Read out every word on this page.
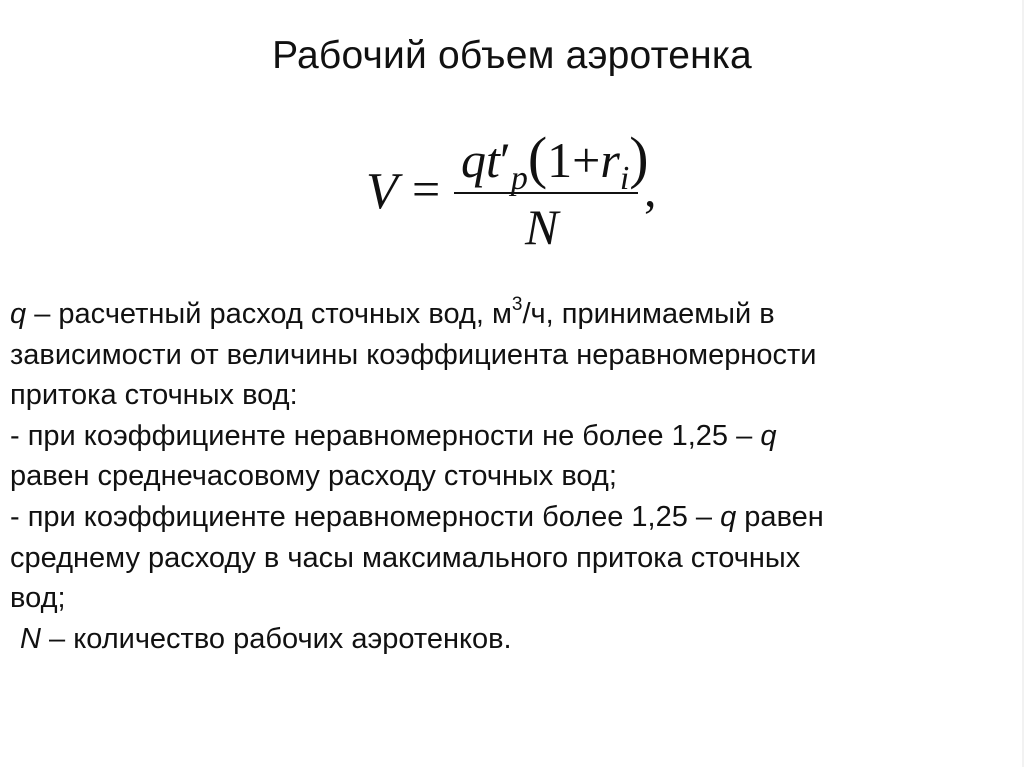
Рабочий объем аэротенка
V =
$qt'_p(1+r_i)$
N
,

q – расчетный расход сточных вод, $м^3/ч$, принимаемый в

зависимости от величины коэффициента неравномерности

притока сточных вод:

- при коэффициенте неравномерности не более 1,25 – q

равен среднечасовому расходу сточных вод;

- при коэффициенте неравномерности более 1,25 – q равен

среднему расходу в часы максимального притока сточных

вод;

N – количество рабочих аэротенков.
